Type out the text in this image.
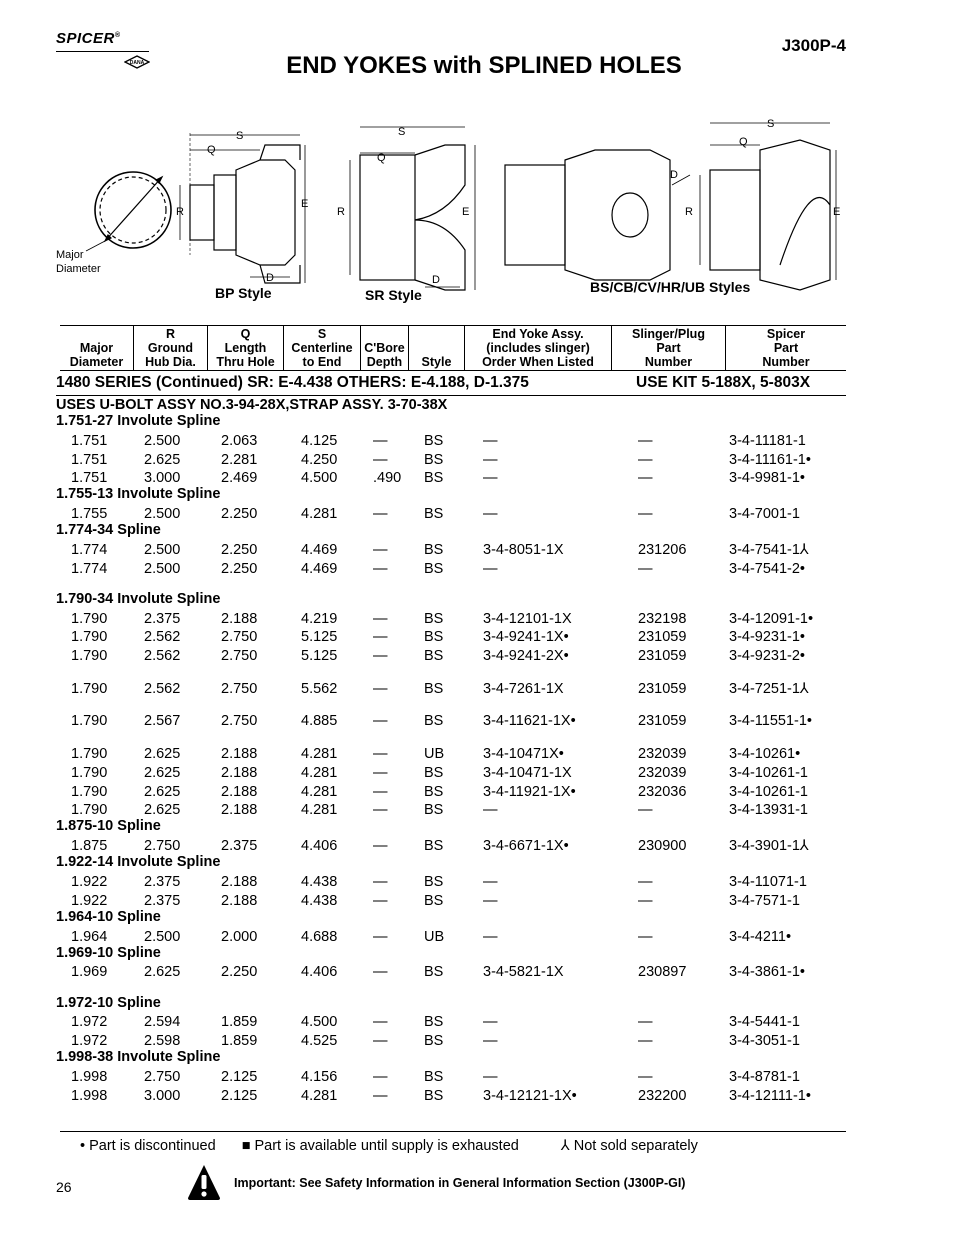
SPICER®
DANA
J300P-4
END YOKES with SPLINED HOLES
Major
Diameter
S
Q
R
E
D
S
Q
R	E
D
D
S
Q
R	E
BP Style	SR Style	BS/CB/CV/HR/UB Styles

Major
Diameter
R
Ground
Hub Dia.
Q
Length
Thru Hole
S
Centerline
to End

C'Bore
Depth

	Style
End Yoke Assy.
(includes slinger)
Order When Listed
Slinger/Plug
Part
Number
Spicer
Part
Number
1480 SERIES (Continued) SR: E-4.438 OTHERS: E-4.188, D-1.375	USE KIT 5-188X, 5-803X
USES U-BOLT ASSY NO.3-94-28X,STRAP ASSY. 3-70-38X
1.751-27 Involute Spline
1.751	2.500	2.063	4.125 —	BS	—	—	3-4-11181-1
1.751	2.625	2.281	4.250 —	BS	—	—	3-4-11161-1•
1.751	3.000	2.469	4.500 .490 BS	—	—	3-4-9981-1•
1.755-13 Involute Spline
1.755	2.500	2.250	4.281 —	BS	—	—	3-4-7001-1
1.774-34 Spline
1.774	2.500	2.250	4.469 —	BS	3-4-8051-1X	231206	3-4-7541-1⅄
1.774	2.500	2.250	4.469 —	BS	—	—	3-4-7541-2•
1.790-34 Involute Spline
1.790	2.375	2.188	4.219 —	BS	3-4-12101-1X	232198	3-4-12091-1•
1.790	2.562	2.750	5.125 —	BS	3-4-9241-1X•	231059	3-4-9231-1•
1.790	2.562	2.750	5.125 —	BS	3-4-9241-2X•	231059	3-4-9231-2•
1.790	2.562	2.750	5.562 —	BS	3-4-7261-1X	231059	3-4-7251-1⅄
1.790	2.567	2.750	4.885 —	BS	3-4-11621-1X•	231059	3-4-11551-1•
1.790	2.625	2.188	4.281 —	UB	3-4-10471X•	232039	3-4-10261•
1.790	2.625	2.188	4.281 —	BS	3-4-10471-1X	232039	3-4-10261-1
1.790	2.625	2.188	4.281 —	BS	3-4-11921-1X•	232036	3-4-10261-1
1.790	2.625	2.188	4.281 —	BS	—	—	3-4-13931-1
1.875-10 Spline
1.875	2.750	2.375	4.406 —	BS	3-4-6671-1X•	230900	3-4-3901-1⅄
1.922-14 Involute Spline
1.922	2.375	2.188	4.438 —	BS	—	—	3-4-11071-1
1.922	2.375	2.188	4.438 —	BS	—	—	3-4-7571-1
1.964-10 Spline
1.964	2.500	2.000	4.688 —	UB	—	—	3-4-4211•
1.969-10 Spline
1.969	2.625	2.250	4.406 —	BS	3-4-5821-1X	230897	3-4-3861-1•
1.972-10 Spline
1.972	2.594	1.859	4.500 —	BS	—	—	3-4-5441-1
1.972	2.598	1.859	4.525 —	BS	—	—	3-4-3051-1
1.998-38 Involute Spline
1.998	2.750	2.125	4.156 —	BS	—	—	3-4-8781-1
1.998	3.000	2.125	4.281 —	BS	3-4-12121-1X•	232200	3-4-12111-1•
• Part is discontinued ■ Part is available until supply is exhausted	⅄ Not sold separately
26	Important: See Safety Information in General Information Section (J300P-GI)
